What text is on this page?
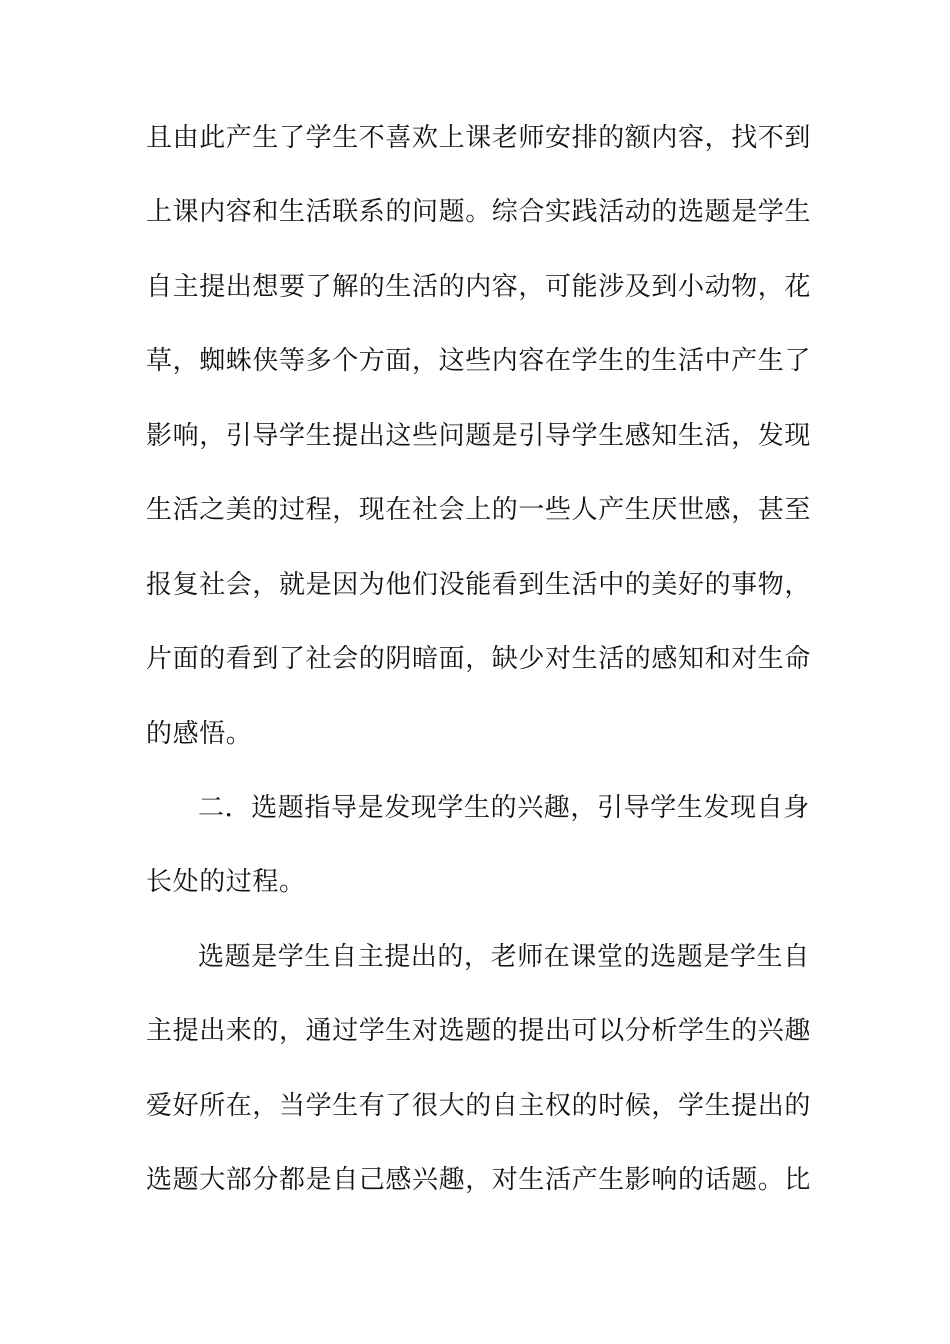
且由此产生了学生不喜欢上课老师安排的额内容，找不到
上课内容和生活联系的问题。综合实践活动的选题是学生
自主提出想要了解的生活的内容，可能涉及到小动物，花
草，蜘蛛侠等多个方面，这些内容在学生的生活中产生了
影响，引导学生提出这些问题是引导学生感知生活，发现
生活之美的过程，现在社会上的一些人产生厌世感，甚至
报复社会，就是因为他们没能看到生活中的美好的事物，
片面的看到了社会的阴暗面，缺少对生活的感知和对生命
的感悟。
二．选题指导是发现学生的兴趣，引导学生发现自身
长处的过程。
选题是学生自主提出的，老师在课堂的选题是学生自
主提出来的，通过学生对选题的提出可以分析学生的兴趣
爱好所在，当学生有了很大的自主权的时候，学生提出的
选题大部分都是自己感兴趣，对生活产生影响的话题。比
